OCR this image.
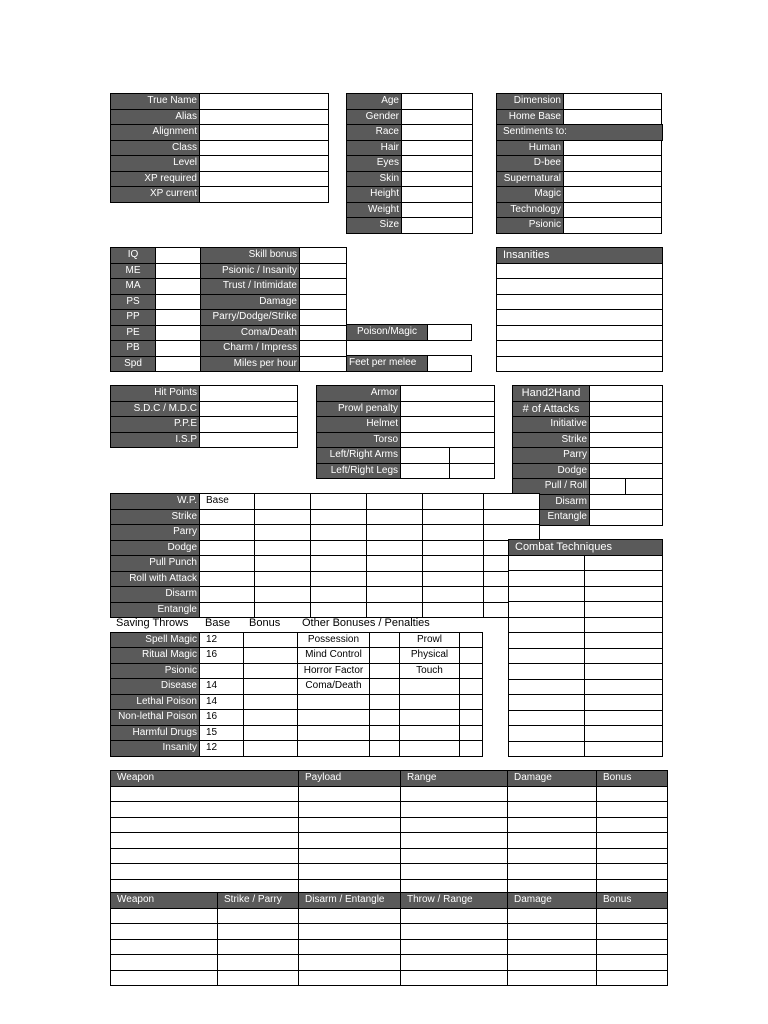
True Name
Alias
Alignment
Class
Level
XP required
XP current
Age
Gender
Race
Hair
Eyes
Skin
Height
Weight
Size
Dimension
Home Base
Sentiments to:
Human
D-bee
Supernatural
Magic
Technology
Psionic
IQ	Skill bonus
ME	Psionic / Insanity
MA	Trust / Intimidate
PS	Damage
PP	Parry/Dodge/Strike
PE	Coma/Death
PB	Charm / Impress
Spd	Miles per hour
Poison/Magic
Feet per melee
Insanities
Hit Points
S.D.C / M.D.C
P.P.E
I.S.P
Armor
Prowl penalty
Helmet
Torso
Left/Right Arms
Left/Right Legs
Hand2Hand
# of Attacks
Initiative
Strike
Parry
Dodge
Pull / Roll
Disarm
Entangle
W.P. Base
Strike
Parry
Dodge
Pull Punch
Roll with Attack
Disarm
Entangle
Combat Techniques
Saving Throws	Base	Bonus	Other Bonuses / Penalties
Spell Magic 12	Possession	Prowl
Ritual Magic 16	Mind Control	Physical
Psionic	Horror Factor	Touch
Disease 14	Coma/Death
Lethal Poison 14
Non-lethal Poison 16
Harmful Drugs 15
Insanity 12
Weapon	Payload	Range	Damage	Bonus
Weapon	Strike / Parry	Disarm / Entangle	Throw / Range	Damage	Bonus
